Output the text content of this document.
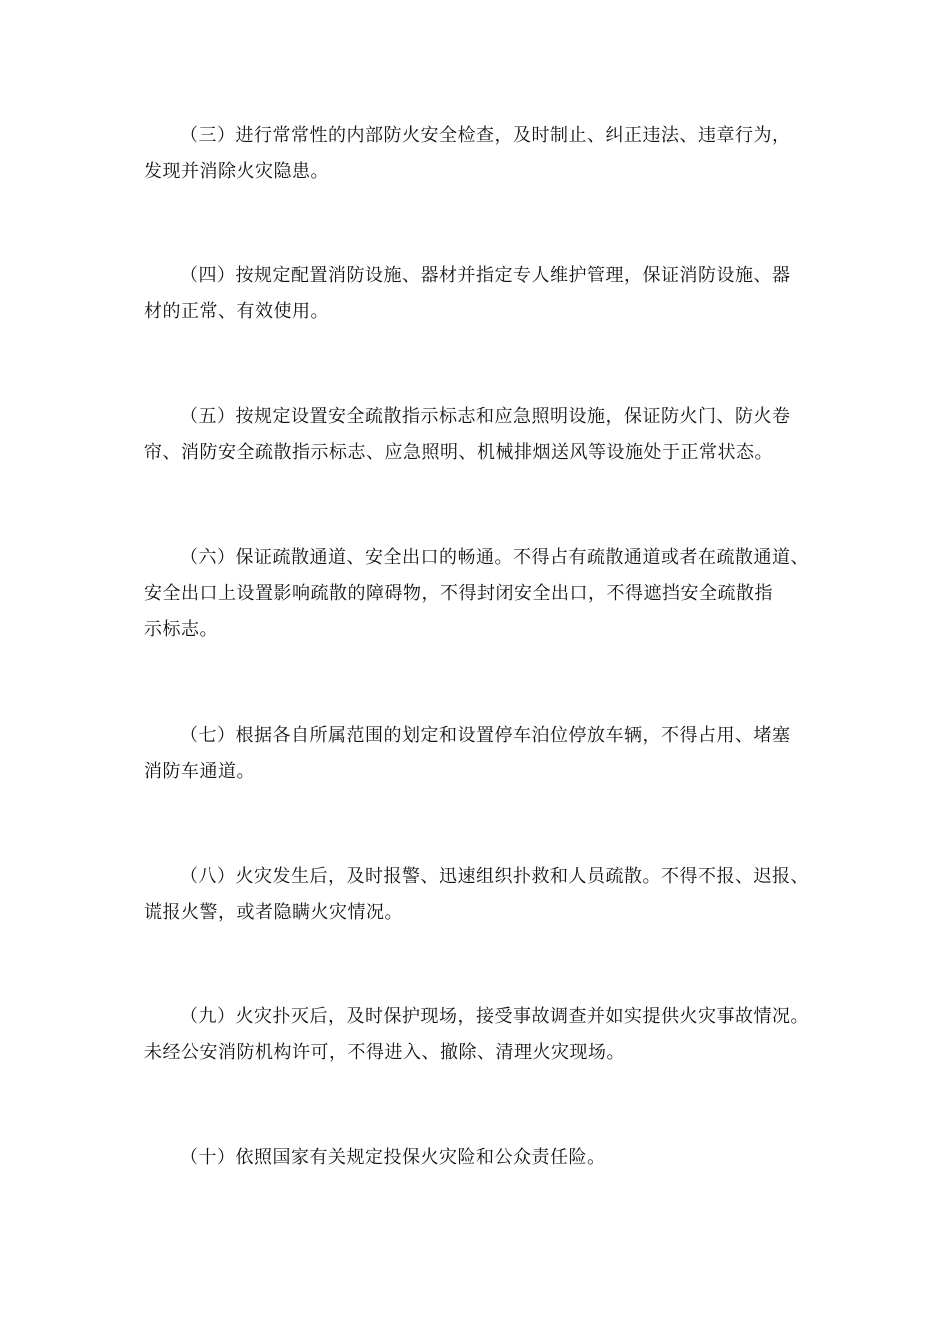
（三）进行常常性的内部防火安全检查，及时制止、纠正违法、违章行为，
发现并消除火灾隐患。
（四）按规定配置消防设施、器材并指定专人维护管理，保证消防设施、器
材的正常、有效使用。
（五）按规定设置安全疏散指示标志和应急照明设施，保证防火门、防火卷
帘、消防安全疏散指示标志、应急照明、机械排烟送风等设施处于正常状态。
（六）保证疏散通道、安全出口的畅通。不得占有疏散通道或者在疏散通道、
安全出口上设置影响疏散的障碍物，不得封闭安全出口，不得遮挡安全疏散指
示标志。
（七）根据各自所属范围的划定和设置停车泊位停放车辆，不得占用、堵塞
消防车通道。
（八）火灾发生后，及时报警、迅速组织扑救和人员疏散。不得不报、迟报、
谎报火警，或者隐瞒火灾情况。
（九）火灾扑灭后，及时保护现场，接受事故调查并如实提供火灾事故情况。
未经公安消防机构许可，不得进入、撤除、清理火灾现场。
（十）依照国家有关规定投保火灾险和公众责任险。
